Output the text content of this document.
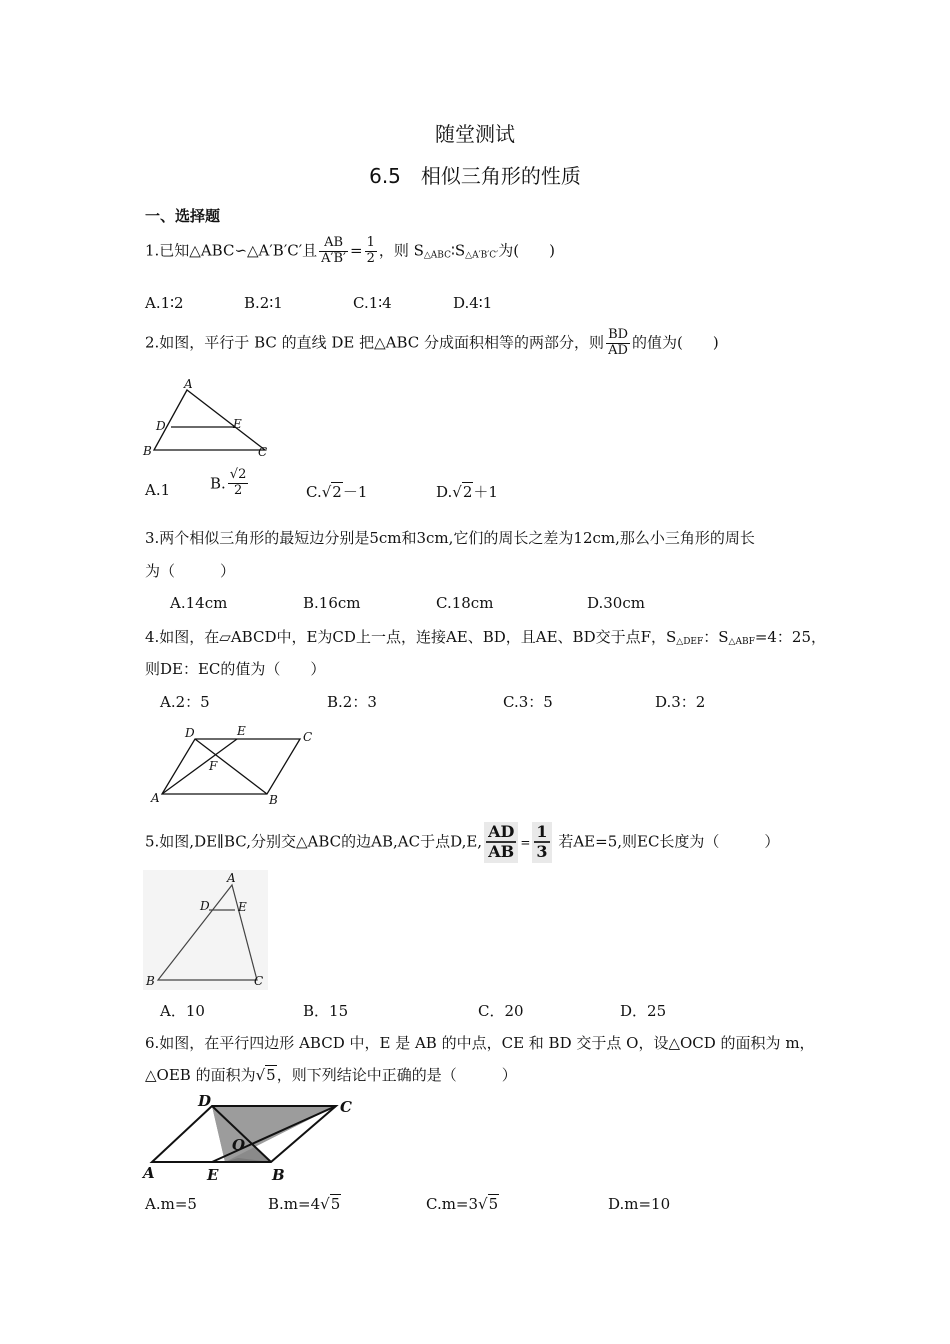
随堂测试
6.5　相似三角形的性质
一、选择题
1.已知△ABC∽△A′B′C′且 $\frac{AB}{A'B'} = \frac{1}{2}$ ，则 $S_{\triangle ABC}∶S_{\triangle A'B'C'}$为(　　)
A.1∶2	B.2∶1	C.1∶4	D.4∶1
2.如图，平行于 BC 的直线 DE 把△ABC 分成面积相等的两部分，则 $\frac{BD}{AD}$ 的值为(　　)
A
D	E
B	C
A.1	B. $\frac{√2}{2}$	C.√2－1	D.√2＋1
3.两个相似三角形的最短边分别是5cm和3cm,它们的周长之差为12cm,那么小三角形的周长
为（　　　）
A.14cm	B.16cm	C.18cm	D.30cm
4.如图，在▱ABCD中，E为CD上一点，连接AE、BD，且AE、BD交于点F，$S_{\triangle DEF}$：$S_{\triangle ABF}=4$：25，
则DE：EC的值为（　　）
A.2：5	B.2：3	C.3：5	D.3：2
D	E	C
F
A	B
5.如图,DE∥BC,分别交△ABC的边AB,AC于点D,E, $\frac{AD}{AB} = \frac{1}{3}$ 若AE=5,则EC长度为（　　　）
A
D E
B	C
A．10	B．15	C．20	D．25
6.如图，在平行四边形 ABCD 中，E 是 AB 的中点，CE 和 BD 交于点 O，设△OCD 的面积为 m，
△OEB 的面积为√5，则下列结论中正确的是（　　　）
D	C
O
A	E	B
A.m=5	B.m=4√5	C.m=3√5	D.m=10
